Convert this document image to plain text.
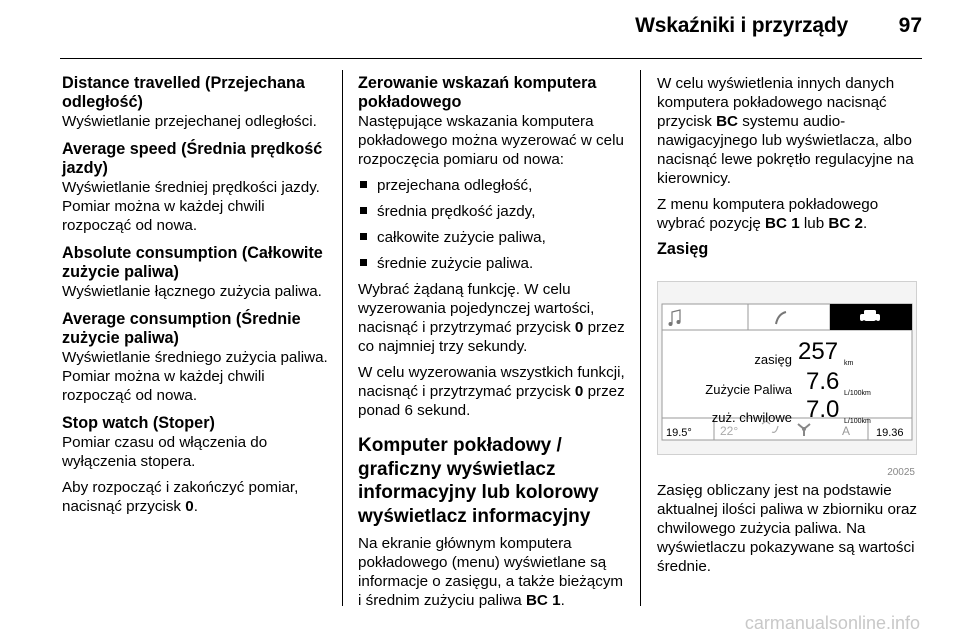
Wskaźniki i przyrządy 97
Distance travelled (Przejechana odległość)

Wyświetlanie przejechanej odległości.

Average speed (Średnia prędkość jazdy)

Wyświetlanie średniej prędkości jazdy. Pomiar można w każdej chwili rozpocząć od nowa.

Absolute consumption (Całkowite zużycie paliwa)

Wyświetlanie łącznego zużycia paliwa.

Average consumption (Średnie zużycie paliwa)

Wyświetlanie średniego zużycia paliwa. Pomiar można w każdej chwili rozpocząć od nowa.

Stop watch (Stoper)

Pomiar czasu od włączenia do wyłączenia stopera.

Aby rozpocząć i zakończyć pomiar, nacisnąć przycisk 0.

Zerowanie wskazań komputera pokładowego

Następujące wskazania komputera pokładowego można wyzerować w celu rozpoczęcia pomiaru od nowa:

przejechana odległość,
średnia prędkość jazdy,
całkowite zużycie paliwa,
średnie zużycie paliwa.

Wybrać żądaną funkcję. W celu wyzerowania pojedynczej wartości, nacisnąć i przytrzymać przycisk 0 przez co najmniej trzy sekundy.

W celu wyzerowania wszystkich funkcji, nacisnąć i przytrzymać przycisk 0 przez ponad 6 sekund.

Komputer pokładowy / graficzny wyświetlacz informacyjny lub kolorowy wyświetlacz informacyjny

Na ekranie głównym komputera pokładowego (menu) wyświetlane są informacje o zasięgu, a także bieżącym i średnim zużyciu paliwa BC 1.

W celu wyświetlenia innych danych komputera pokładowego nacisnąć przycisk BC systemu audio-nawigacyjnego lub wyświetlacza, albo nacisnąć lewe pokrętło regulacyjne na kierownicy.

Z menu komputera pokładowego wybrać pozycję BC 1 lub BC 2.

Zasięg
zasięg 257 km
Zużycie Paliwa 7.6 L/100km
zuż. chwilowe 7.0 L/100km
19.5° 22°	A 19.36
20025

Zasięg obliczany jest na podstawie aktualnej ilości paliwa w zbiorniku oraz chwilowego zużycia paliwa. Na wyświetlaczu pokazywane są wartości średnie.

carmanualsonline.info
